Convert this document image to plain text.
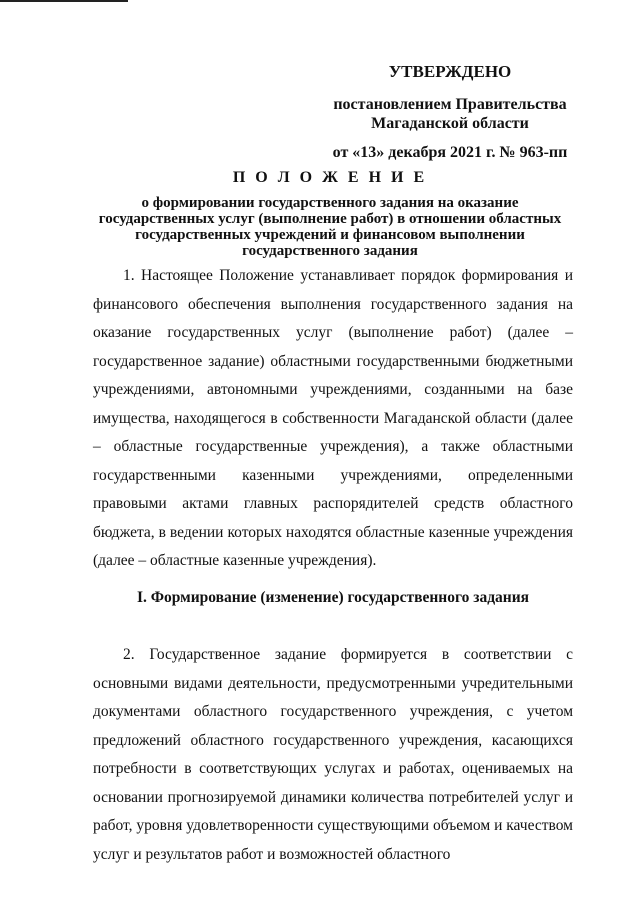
УТВЕРЖДЕНО
постановлением Правительства
Магаданской области
от «13» декабря 2021 г. № 963-пп
П О Л О Ж Е Н И Е
о формировании государственного задания на оказание
государственных услуг (выполнение работ) в отношении областных
государственных учреждений и финансовом выполнении
государственного задания

1. Настоящее Положение устанавливает порядок формирования и финансового обеспечения выполнения государственного задания на оказание государственных услуг (выполнение работ) (далее – государственное задание) областными государственными бюджетными учреждениями, автономными учреждениями, созданными на базе имущества, находящегося в собственности Магаданской области (далее – областные государственные учреждения), а также областными государственными казенными учреждениями, определенными правовыми актами главных распорядителей средств областного бюджета, в ведении которых находятся областные казенные учреждения (далее – областные казенные учреждения).

I. Формирование (изменение) государственного задания

2. Государственное задание формируется в соответствии с основными видами деятельности, предусмотренными учредительными документами областного государственного учреждения, с учетом предложений областного государственного учреждения, касающихся потребности в соответствующих услугах и работах, оцениваемых на основании прогнозируемой динамики количества потребителей услуг и работ, уровня удовлетворенности существующими объемом и качеством услуг и результатов работ и возможностей областного
